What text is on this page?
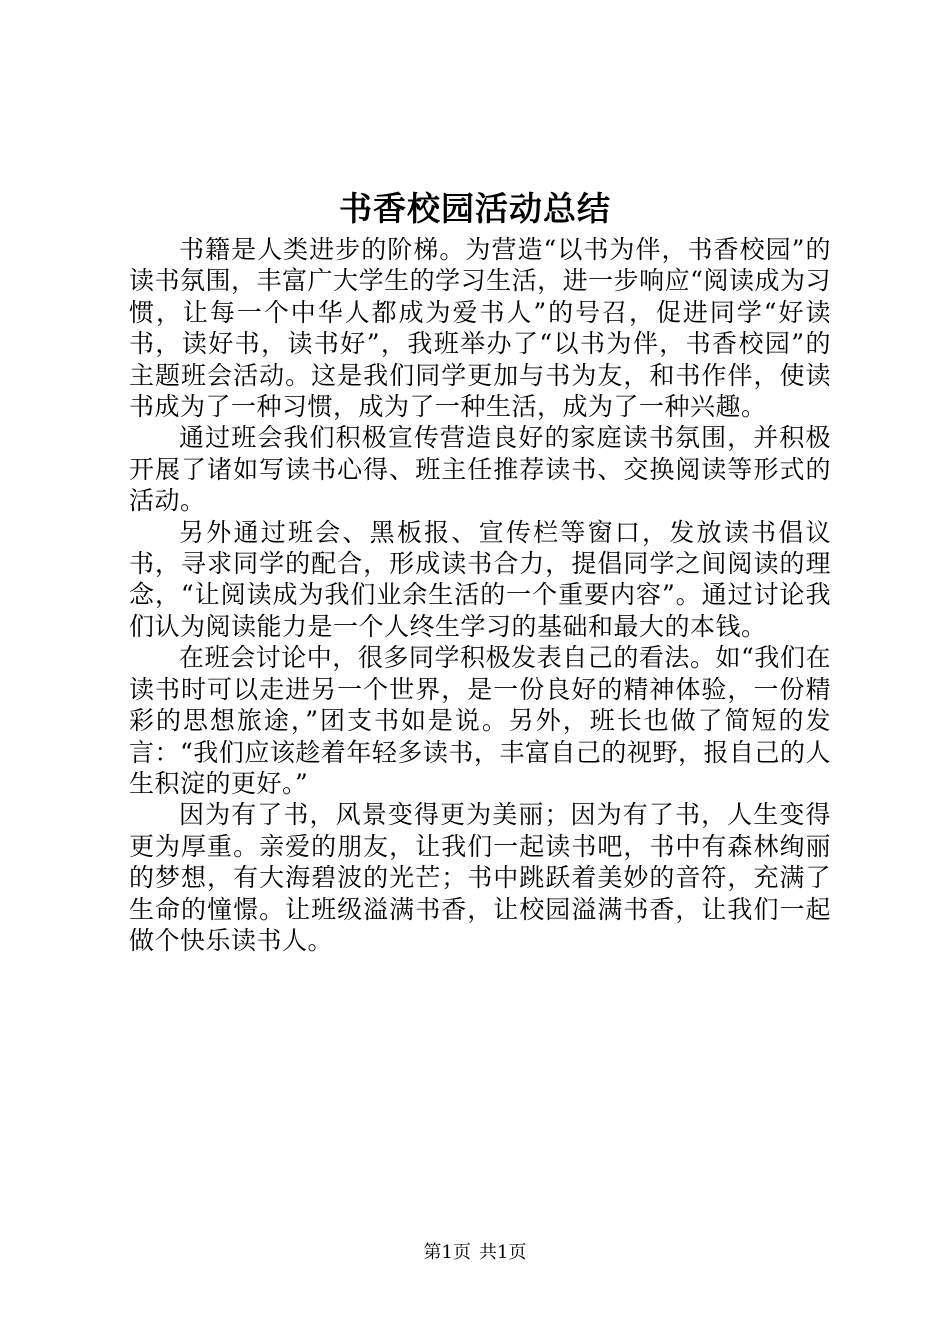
书香校园活动总结

书籍是人类进步的阶梯。为营造“以书为伴，书香校园”的读书氛围，丰富广大学生的学习生活，进一步响应“阅读成为习惯，让每一个中华人都成为爱书人”的号召，促进同学“好读书，读好书，读书好”，我班举办了“以书为伴，书香校园”的主题班会活动。这是我们同学更加与书为友，和书作伴，使读书成为了一种习惯，成为了一种生活，成为了一种兴趣。

通过班会我们积极宣传营造良好的家庭读书氛围，并积极开展了诸如写读书心得、班主任推荐读书、交换阅读等形式的活动。

另外通过班会、黑板报、宣传栏等窗口，发放读书倡议书，寻求同学的配合，形成读书合力，提倡同学之间阅读的理念，“让阅读成为我们业余生活的一个重要内容”。通过讨论我们认为阅读能力是一个人终生学习的基础和最大的本钱。

在班会讨论中，很多同学积极发表自己的看法。如“我们在读书时可以走进另一个世界，是一份良好的精神体验，一份精彩的思想旅途，”团支书如是说。另外，班长也做了简短的发言：“我们应该趁着年轻多读书，丰富自己的视野，报自己的人生积淀的更好。”

因为有了书，风景变得更为美丽；因为有了书，人生变得更为厚重。亲爱的朋友，让我们一起读书吧，书中有森林绚丽的梦想，有大海碧波的光芒；书中跳跃着美妙的音符，充满了生命的憧憬。让班级溢满书香，让校园溢满书香，让我们一起做个快乐读书人。

第1页 共1页
